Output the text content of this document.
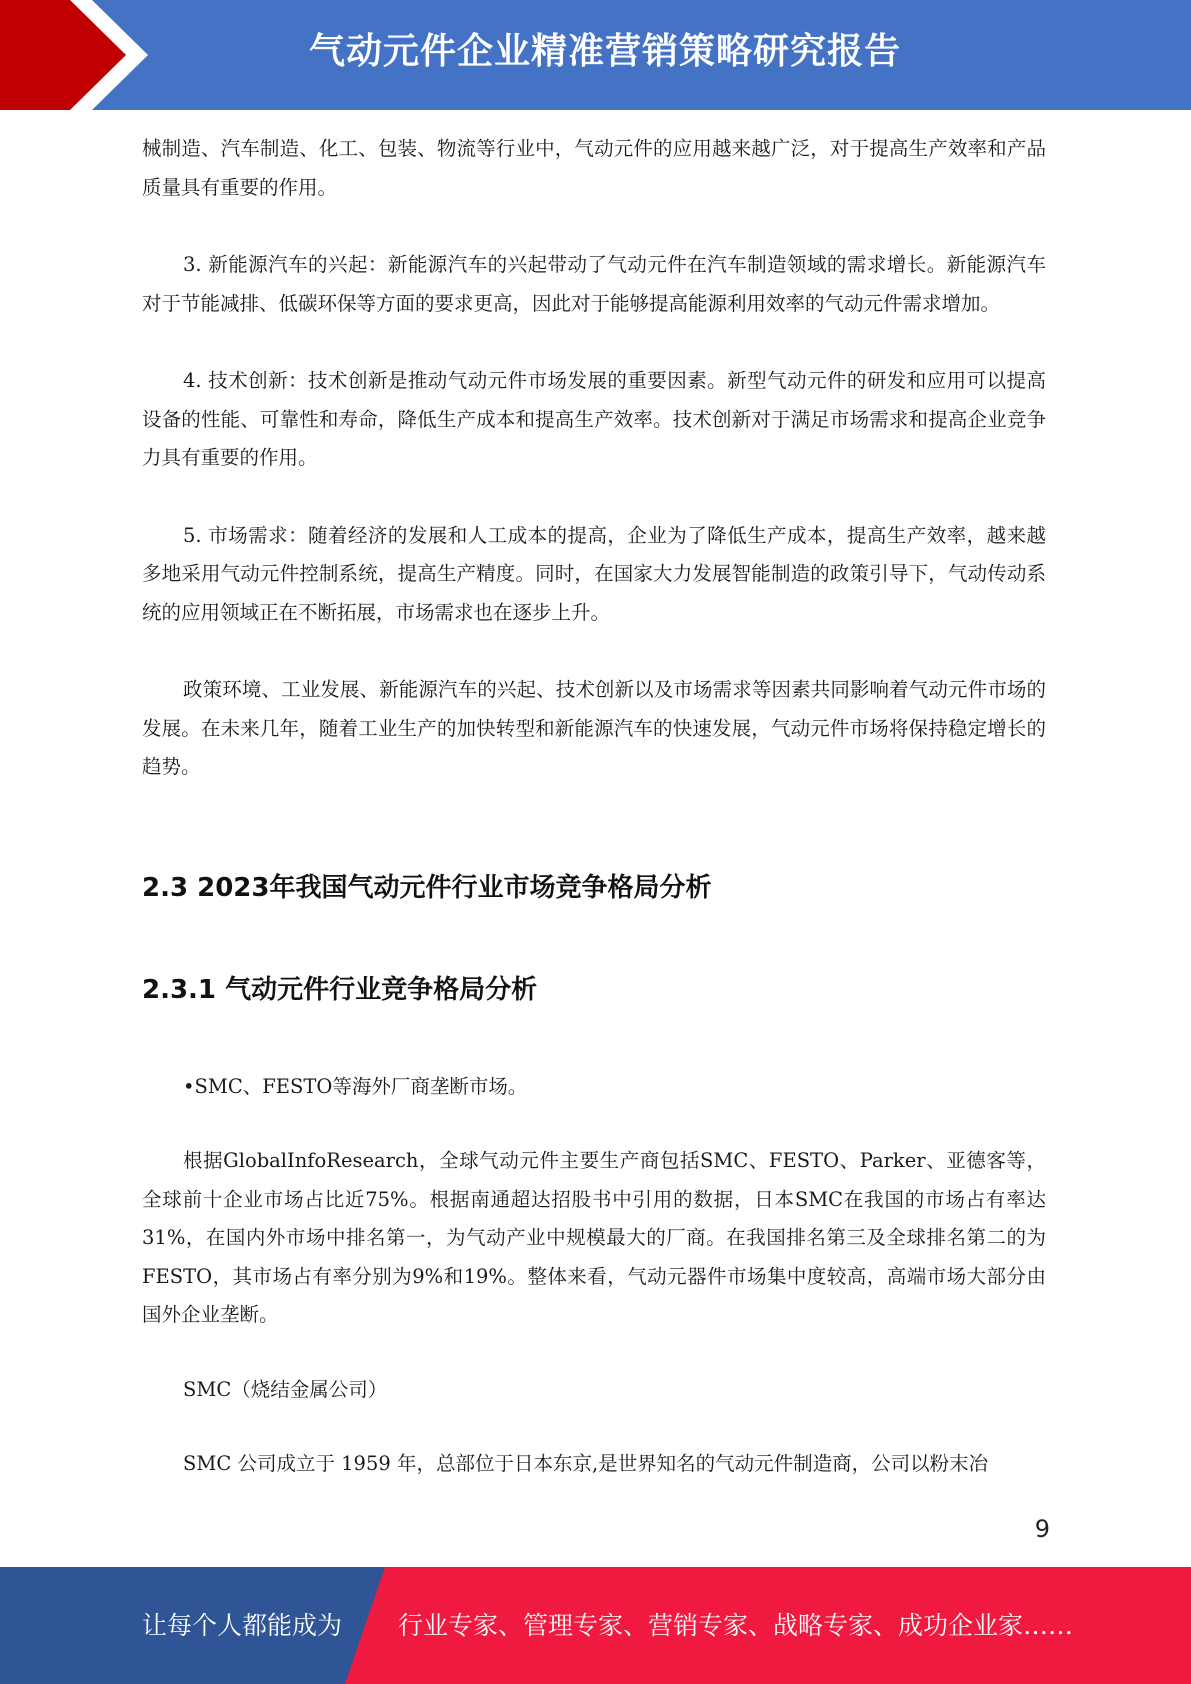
气动元件企业精准营销策略研究报告

械制造、汽车制造、化工、包装、物流等行业中，气动元件的应用越来越广泛，对于提高生产效率和产品质量具有重要的作用。

3. 新能源汽车的兴起：新能源汽车的兴起带动了气动元件在汽车制造领域的需求增长。新能源汽车对于节能减排、低碳环保等方面的要求更高，因此对于能够提高能源利用效率的气动元件需求增加。

4. 技术创新：技术创新是推动气动元件市场发展的重要因素。新型气动元件的研发和应用可以提高设备的性能、可靠性和寿命，降低生产成本和提高生产效率。技术创新对于满足市场需求和提高企业竞争力具有重要的作用。

5. 市场需求：随着经济的发展和人工成本的提高，企业为了降低生产成本，提高生产效率，越来越多地采用气动元件控制系统，提高生产精度。同时，在国家大力发展智能制造的政策引导下，气动传动系统的应用领域正在不断拓展，市场需求也在逐步上升。

政策环境、工业发展、新能源汽车的兴起、技术创新以及市场需求等因素共同影响着气动元件市场的发展。在未来几年，随着工业生产的加快转型和新能源汽车的快速发展，气动元件市场将保持稳定增长的趋势。

2.3 2023年我国气动元件行业市场竞争格局分析
2.3.1 气动元件行业竞争格局分析

•SMC、FESTO等海外厂商垄断市场。

根据GlobalInfoResearch，全球气动元件主要生产商包括SMC、FESTO、Parker、亚德客等，全球前十企业市场占比近75%。根据南通超达招股书中引用的数据，日本SMC在我国的市场占有率达31%，在国内外市场中排名第一，为气动产业中规模最大的厂商。在我国排名第三及全球排名第二的为FESTO，其市场占有率分别为9%和19%。整体来看，气动元器件市场集中度较高，高端市场大部分由国外企业垄断。

SMC（烧结金属公司）

SMC 公司成立于 1959 年，总部位于日本东京,是世界知名的气动元件制造商，公司以粉末冶

9
让每个人都能成为 行业专家、管理专家、营销专家、战略专家、成功企业家……
